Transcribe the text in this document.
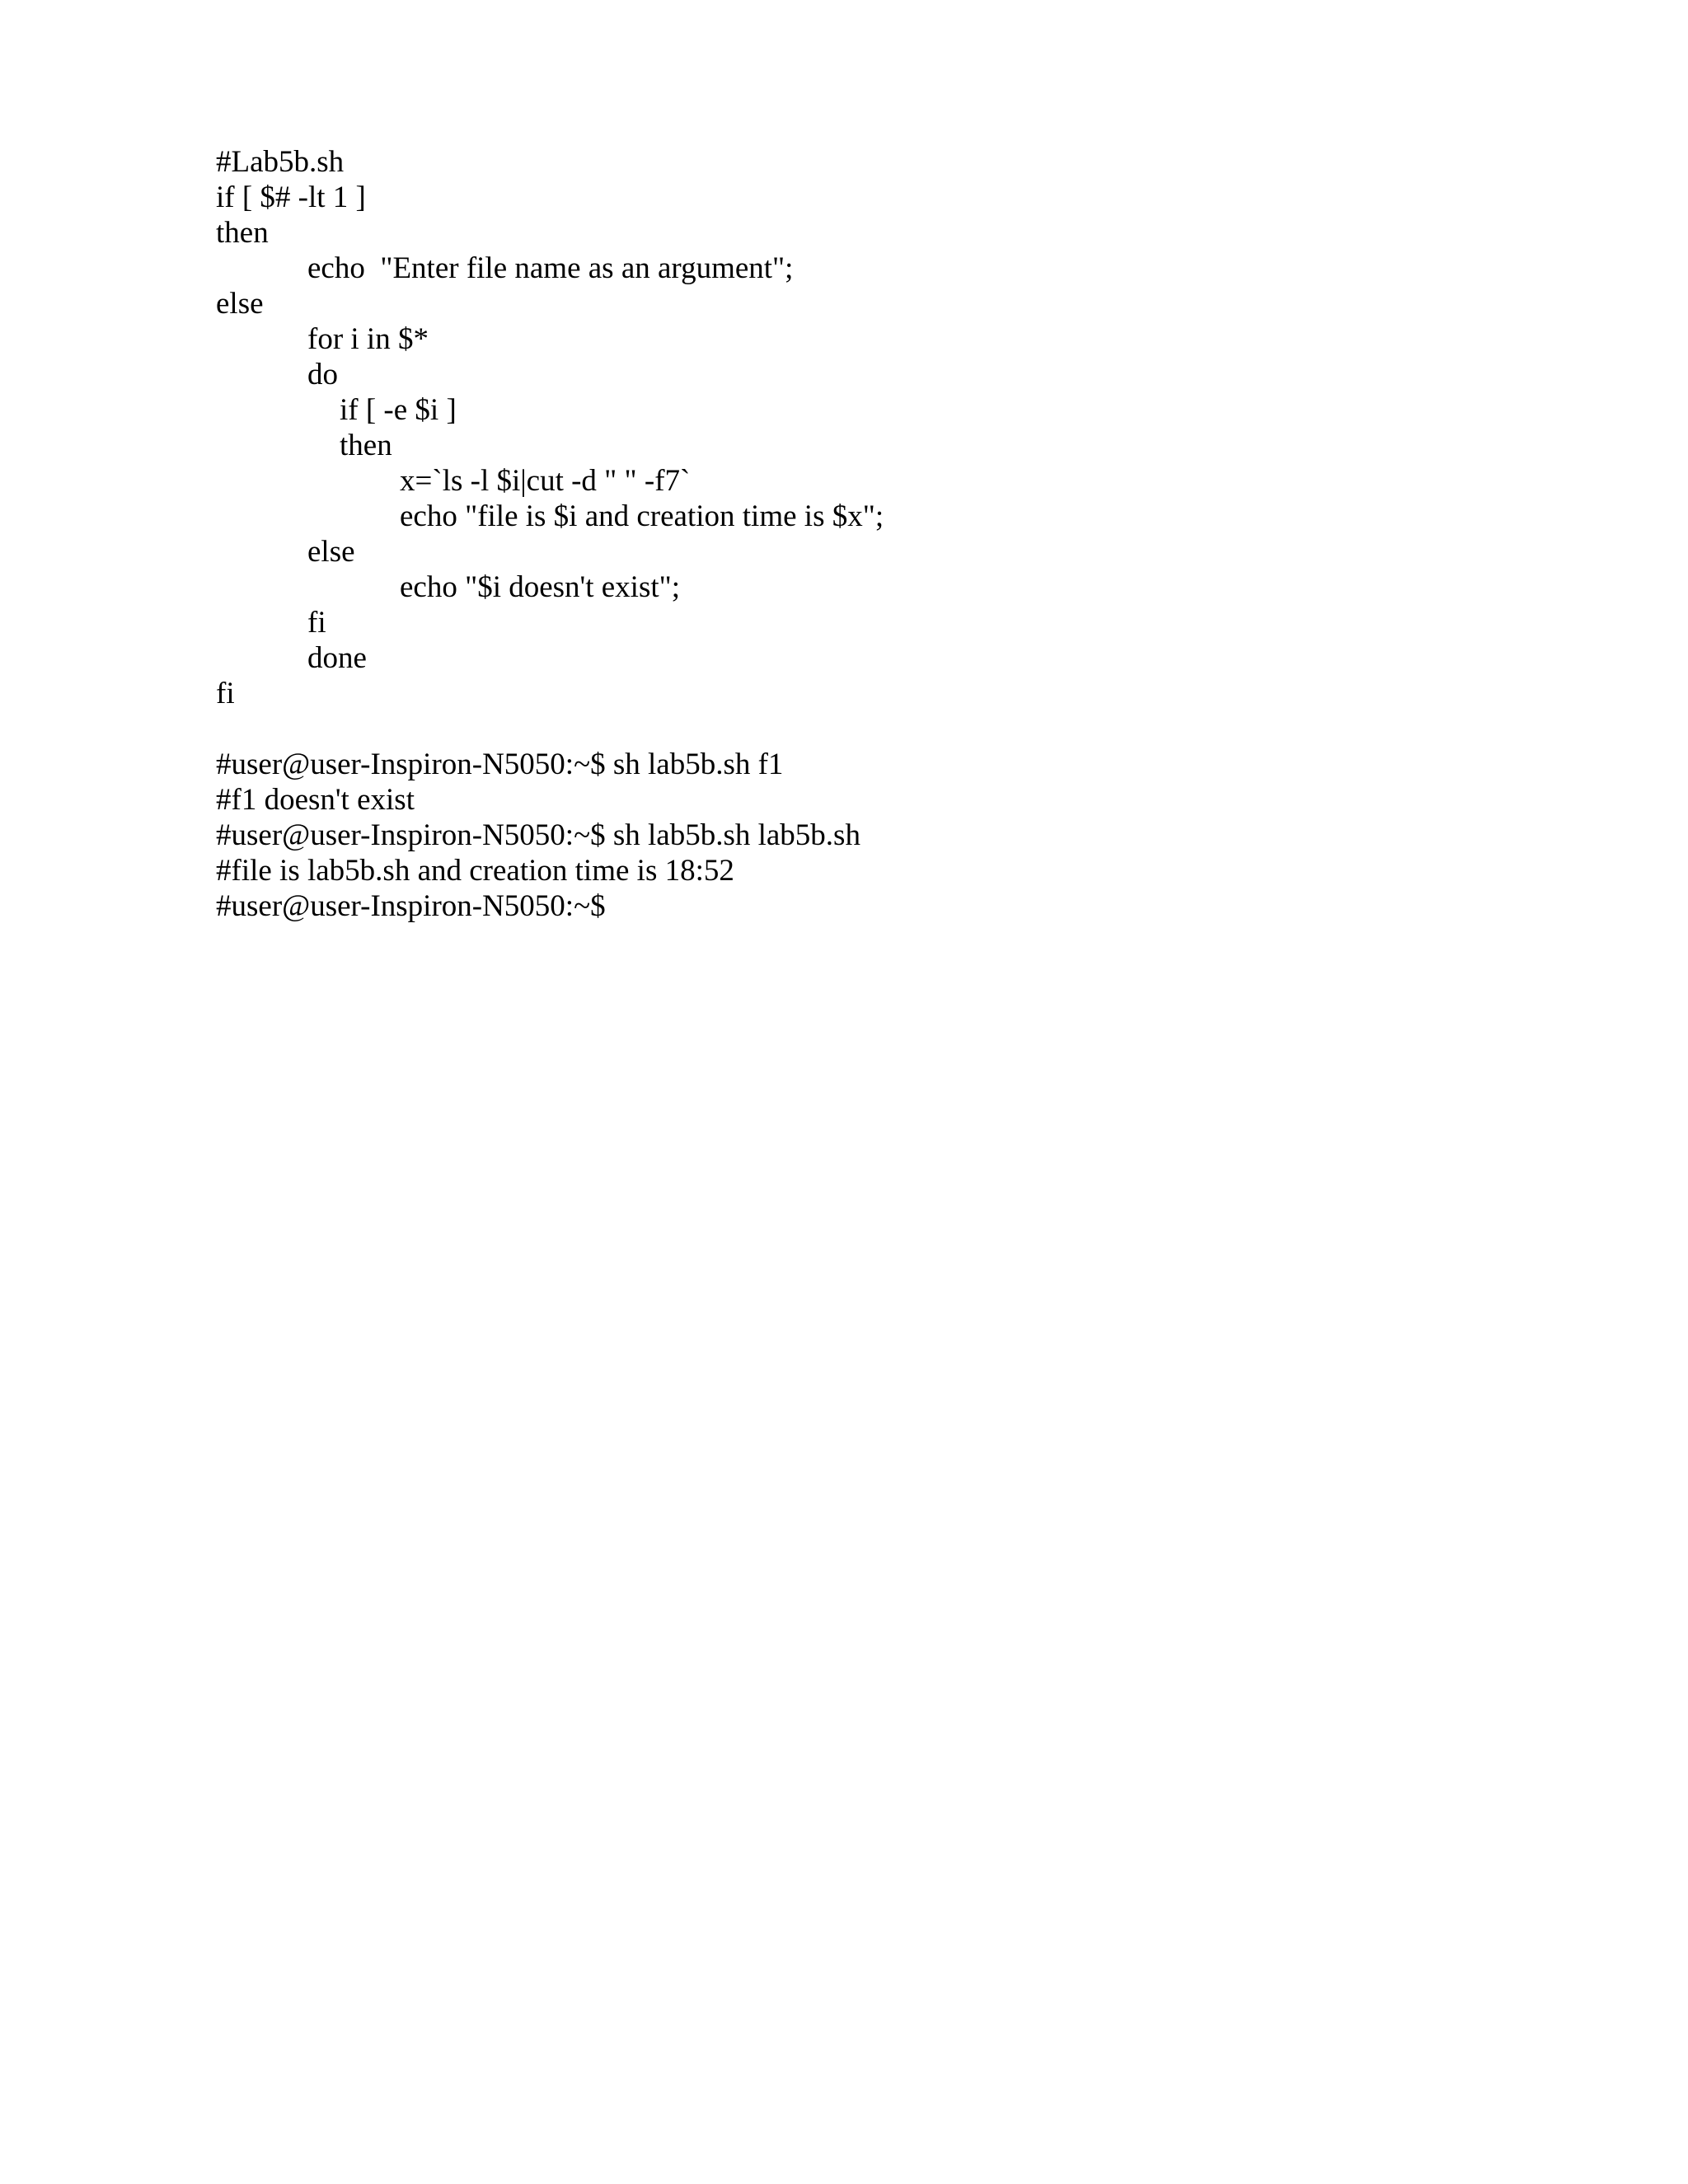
#Lab5b.sh
if [ $# -lt 1 ]
then
echo  "Enter file name as an argument";
else
for i in $*
do
if [ -e $i ]
then
x=`ls -l $i|cut -d " " -f7`
echo "file is $i and creation time is $x";
else
echo "$i doesn't exist";
fi
done
fi
#user@user-Inspiron-N5050:~$ sh lab5b.sh f1
#f1 doesn't exist
#user@user-Inspiron-N5050:~$ sh lab5b.sh lab5b.sh
#file is lab5b.sh and creation time is 18:52
#user@user-Inspiron-N5050:~$
